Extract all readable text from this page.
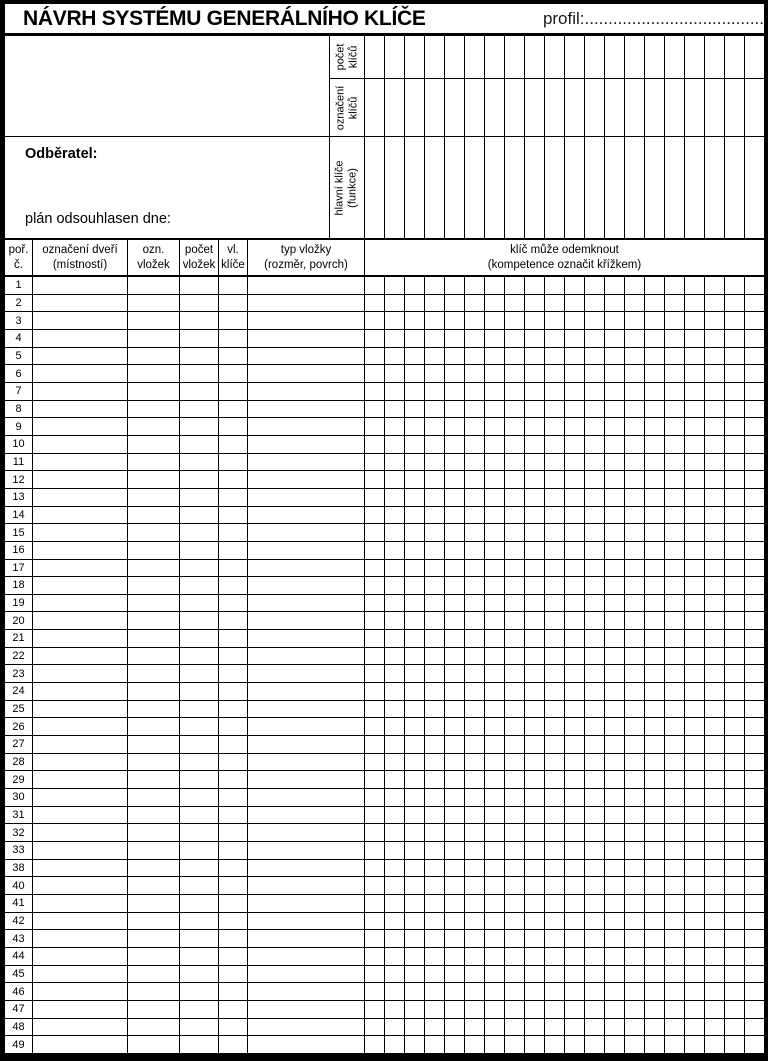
NÁVRH SYSTÉMU GENERÁLNÍHO KLÍČE	profil:......................................
Odběratel:
plán odsouhlasen dne:
počet klíčů
označení klíčů
hlavní klíče (funkce)
poř.
č.
označení dveří
(místností)
ozn.
vložek
počet
vložek
vl.
klíče
typ vložky
(rozměr, povrch)
klíč může odemknout
(kompetence označit křížkem)
1
2
3
4
5
6
7
8
9
10
11
12
13
14
15
16
17
18
19
20
21
22
23
24
25
26
27
28
29
30
31
32
33
38
40
41
42
43
44
45
46
47
48
49
